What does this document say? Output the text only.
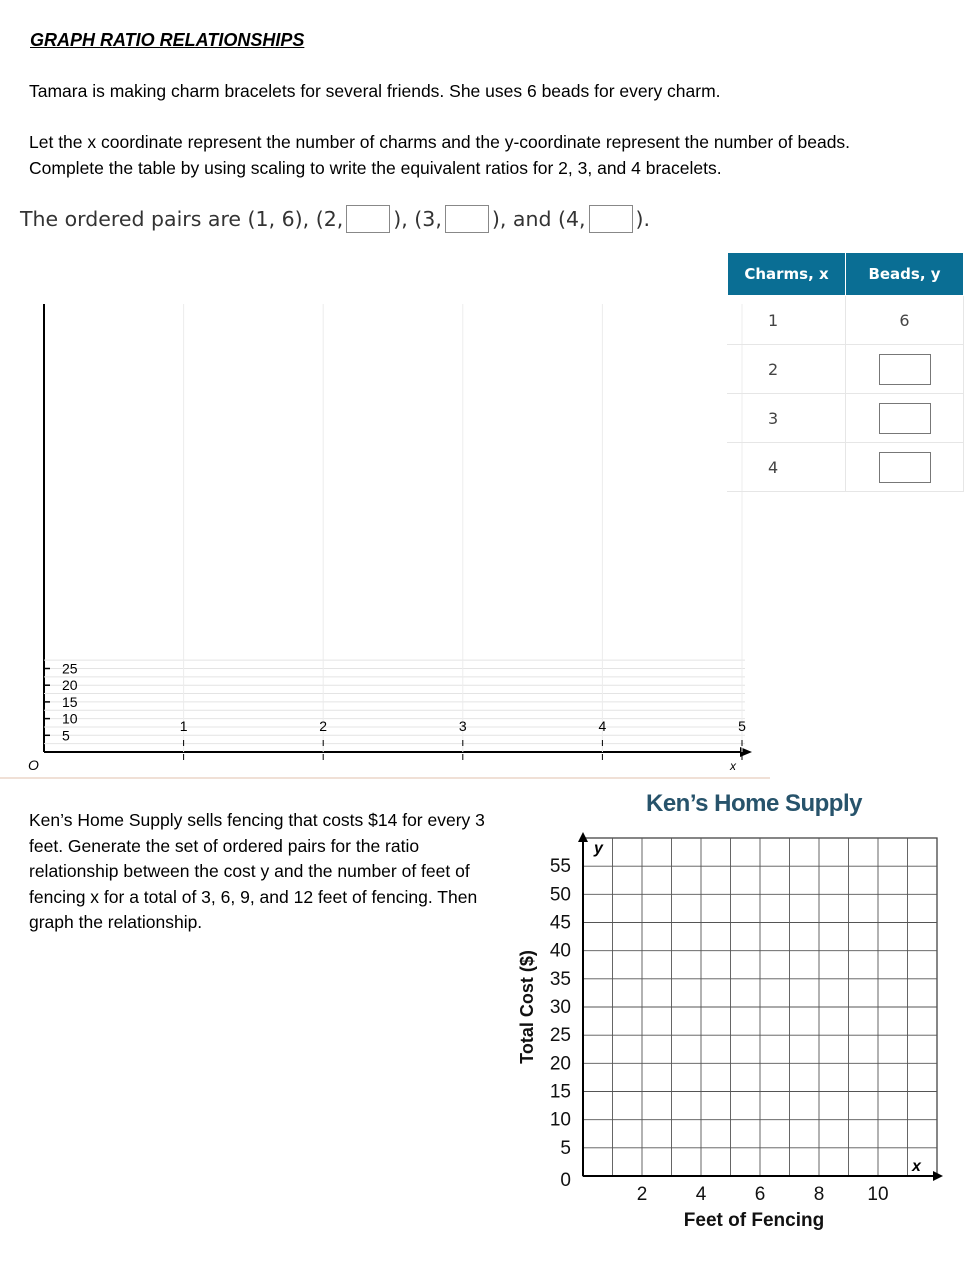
GRAPH RATIO RELATIONSHIPS
Tamara is making charm bracelets for several friends. She uses 6 beads for every charm.
Let the x coordinate represent the number of charms and the y-coordinate represent the number of beads.
Complete the table by using scaling to write the equivalent ratios for 2, 3, and 4 bracelets.
The ordered pairs are (1, 6), (2, ), (3, ), and (4, ).
5
10
15
20
25
1	2	3	4	5
O	x
Charms, x	Beads, y
1	6
2	
3	
4	
Ken’s Home Supply sells fencing that costs $14 for every 3 feet. Generate the set of ordered pairs for the ratio relationship between the cost y and the number of feet of fencing x for a total of 3, 6, 9, and 12 feet of fencing. Then graph the relationship.
Ken’s Home Supply
0
5
10
15
20
25
30
35
40
45
50
55
2	4	6	8 10
y
x
Total Cost ($)
Feet of Fencing
